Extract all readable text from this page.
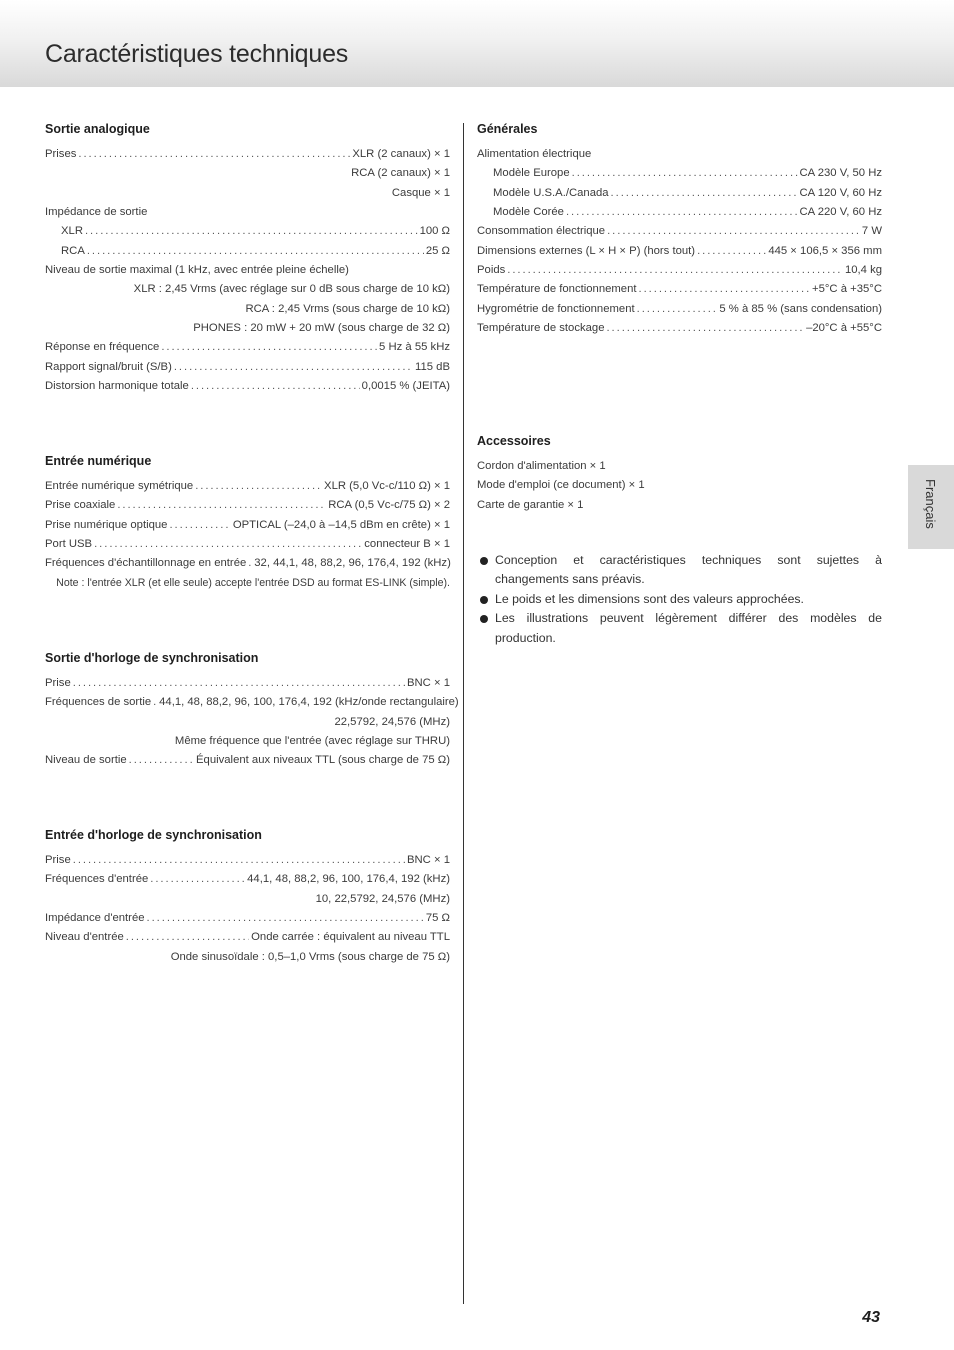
Caractéristiques techniques
Sortie analogique
Prises . . .	XLR (2 canaux) × 1
RCA (2 canaux) × 1
Casque × 1
Impédance de sortie
XLR . . .	100 Ω
RCA . . .	25 Ω
Niveau de sortie maximal (1 kHz, avec entrée pleine échelle)
XLR : 2,45 Vrms (avec réglage sur 0 dB sous charge de 10 kΩ)
RCA : 2,45 Vrms (sous charge de 10 kΩ)
PHONES : 20 mW + 20 mW (sous charge de 32 Ω)
Réponse en fréquence . . .	5 Hz à 55 kHz
Rapport signal/bruit (S/B) . . .	115 dB
Distorsion harmonique totale . . .	0,0015 % (JEITA)
Entrée numérique
Entrée numérique symétrique . . .	XLR (5,0 Vc-c/110 Ω) × 1
Prise coaxiale . . .	RCA (0,5 Vc-c/75 Ω) × 2
Prise numérique optique . . .	OPTICAL (–24,0 à –14,5 dBm en crête) × 1
Port USB . . .	connecteur B × 1
Fréquences d'échantillonnage en entrée . . . 32, 44,1, 48, 88,2, 96, 176,4, 192 (kHz)
Note : l'entrée XLR (et elle seule) accepte l'entrée DSD au format ES-LINK (simple).
Sortie d'horloge de synchronisation
Prise . . .	BNC × 1
Fréquences de sortie . . . 44,1, 48, 88,2, 96, 100, 176,4, 192 (kHz/onde rectangulaire)
22,5792, 24,576 (MHz)
Même fréquence que l'entrée (avec réglage sur THRU)
Niveau de sortie . . .	Équivalent aux niveaux TTL (sous charge de 75 Ω)
Entrée d'horloge de synchronisation
Prise . . .	BNC × 1
Fréquences d'entrée . . .	44,1, 48, 88,2, 96, 100, 176,4, 192 (kHz)
10, 22,5792, 24,576 (MHz)
Impédance d'entrée . . .	75 Ω
Niveau d'entrée . . .	Onde carrée : équivalent au niveau TTL
Onde sinusoïdale : 0,5–1,0 Vrms (sous charge de 75 Ω)
Générales
Alimentation électrique
Modèle Europe . . .	CA 230 V, 50 Hz
Modèle U.S.A./Canada . . .	CA 120 V, 60 Hz
Modèle Corée . . .	CA 220 V, 60 Hz
Consommation électrique . . .	7 W
Dimensions externes (L × H × P) (hors tout) . . .	445 × 106,5 × 356 mm
Poids . . .	10,4 kg
Température de fonctionnement . . .	+5°C à +35°C
Hygrométrie de fonctionnement . . .	5 % à 85 % (sans condensation)
Température de stockage . . .	–20°C à +55°C
Accessoires
Cordon d'alimentation × 1
Mode d'emploi (ce document) × 1
Carte de garantie × 1

Conception et caractéristiques techniques sont sujettes à changements sans préavis.

Le poids et les dimensions sont des valeurs approchées.

Les illustrations peuvent légèrement différer des modèles de production.

Français
43
